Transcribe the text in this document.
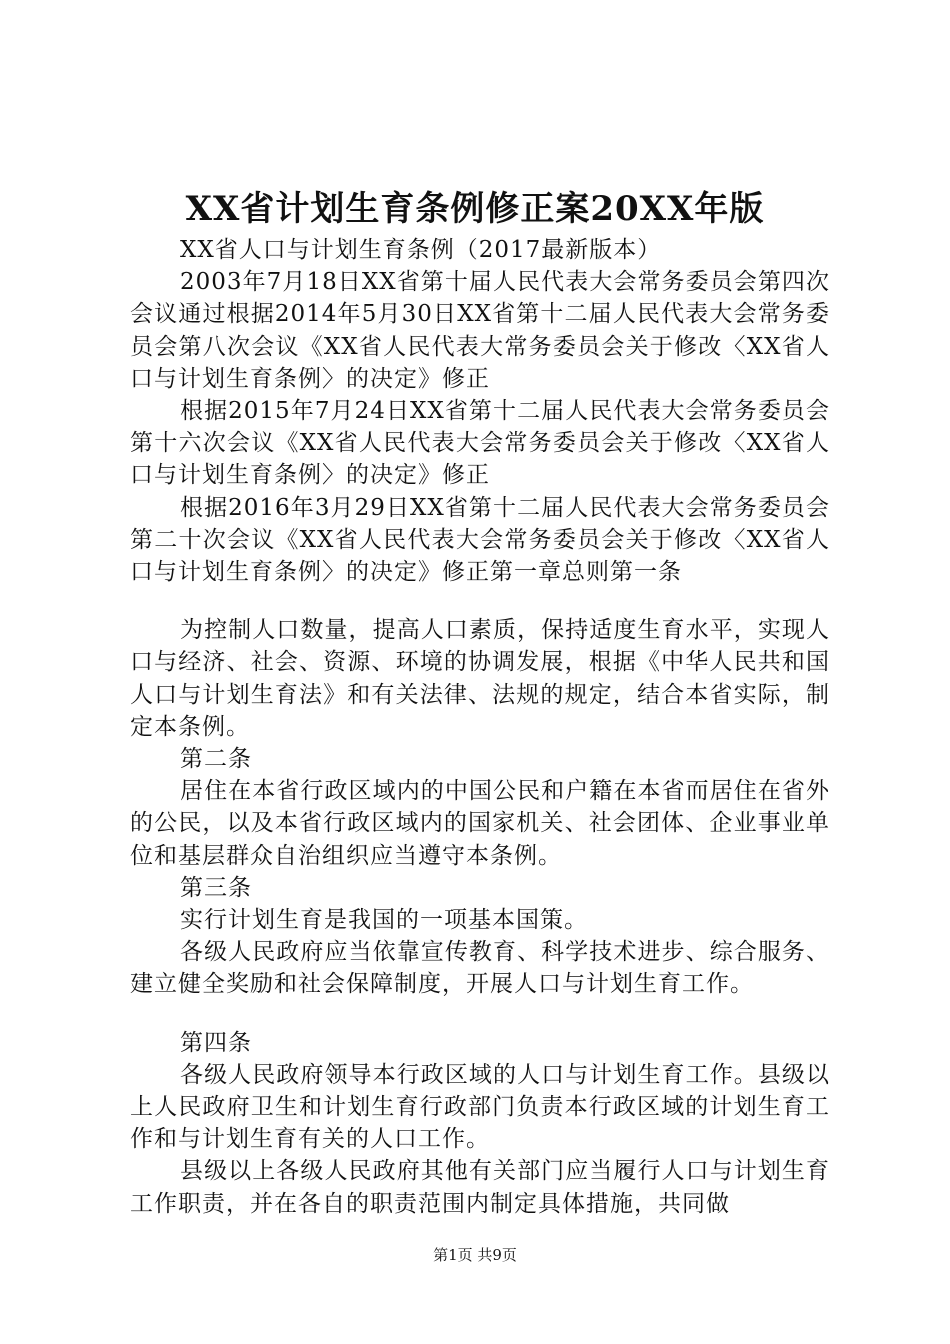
XX省计划生育条例修正案20XX年版

XX省人口与计划生育条例（2017最新版本）

2003年7月18日XX省第十届人民代表大会常务委员会第四次会议通过根据2014年5月30日XX省第十二届人民代表大会常务委员会第八次会议《XX省人民代表大常务委员会关于修改〈XX省人口与计划生育条例〉的决定》修正

根据2015年7月24日XX省第十二届人民代表大会常务委员会第十六次会议《XX省人民代表大会常务委员会关于修改〈XX省人口与计划生育条例〉的决定》修正

根据2016年3月29日XX省第十二届人民代表大会常务委员会第二十次会议《XX省人民代表大会常务委员会关于修改〈XX省人口与计划生育条例〉的决定》修正第一章总则第一条

为控制人口数量，提高人口素质，保持适度生育水平，实现人口与经济、社会、资源、环境的协调发展，根据《中华人民共和国人口与计划生育法》和有关法律、法规的规定，结合本省实际，制定本条例。

第二条

居住在本省行政区域内的中国公民和户籍在本省而居住在省外的公民，以及本省行政区域内的国家机关、社会团体、企业事业单位和基层群众自治组织应当遵守本条例。

第三条

实行计划生育是我国的一项基本国策。

各级人民政府应当依靠宣传教育、科学技术进步、综合服务、建立健全奖励和社会保障制度，开展人口与计划生育工作。

第四条

各级人民政府领导本行政区域的人口与计划生育工作。县级以上人民政府卫生和计划生育行政部门负责本行政区域的计划生育工作和与计划生育有关的人口工作。

县级以上各级人民政府其他有关部门应当履行人口与计划生育工作职责，并在各自的职责范围内制定具体措施，共同做

第1页 共9页
